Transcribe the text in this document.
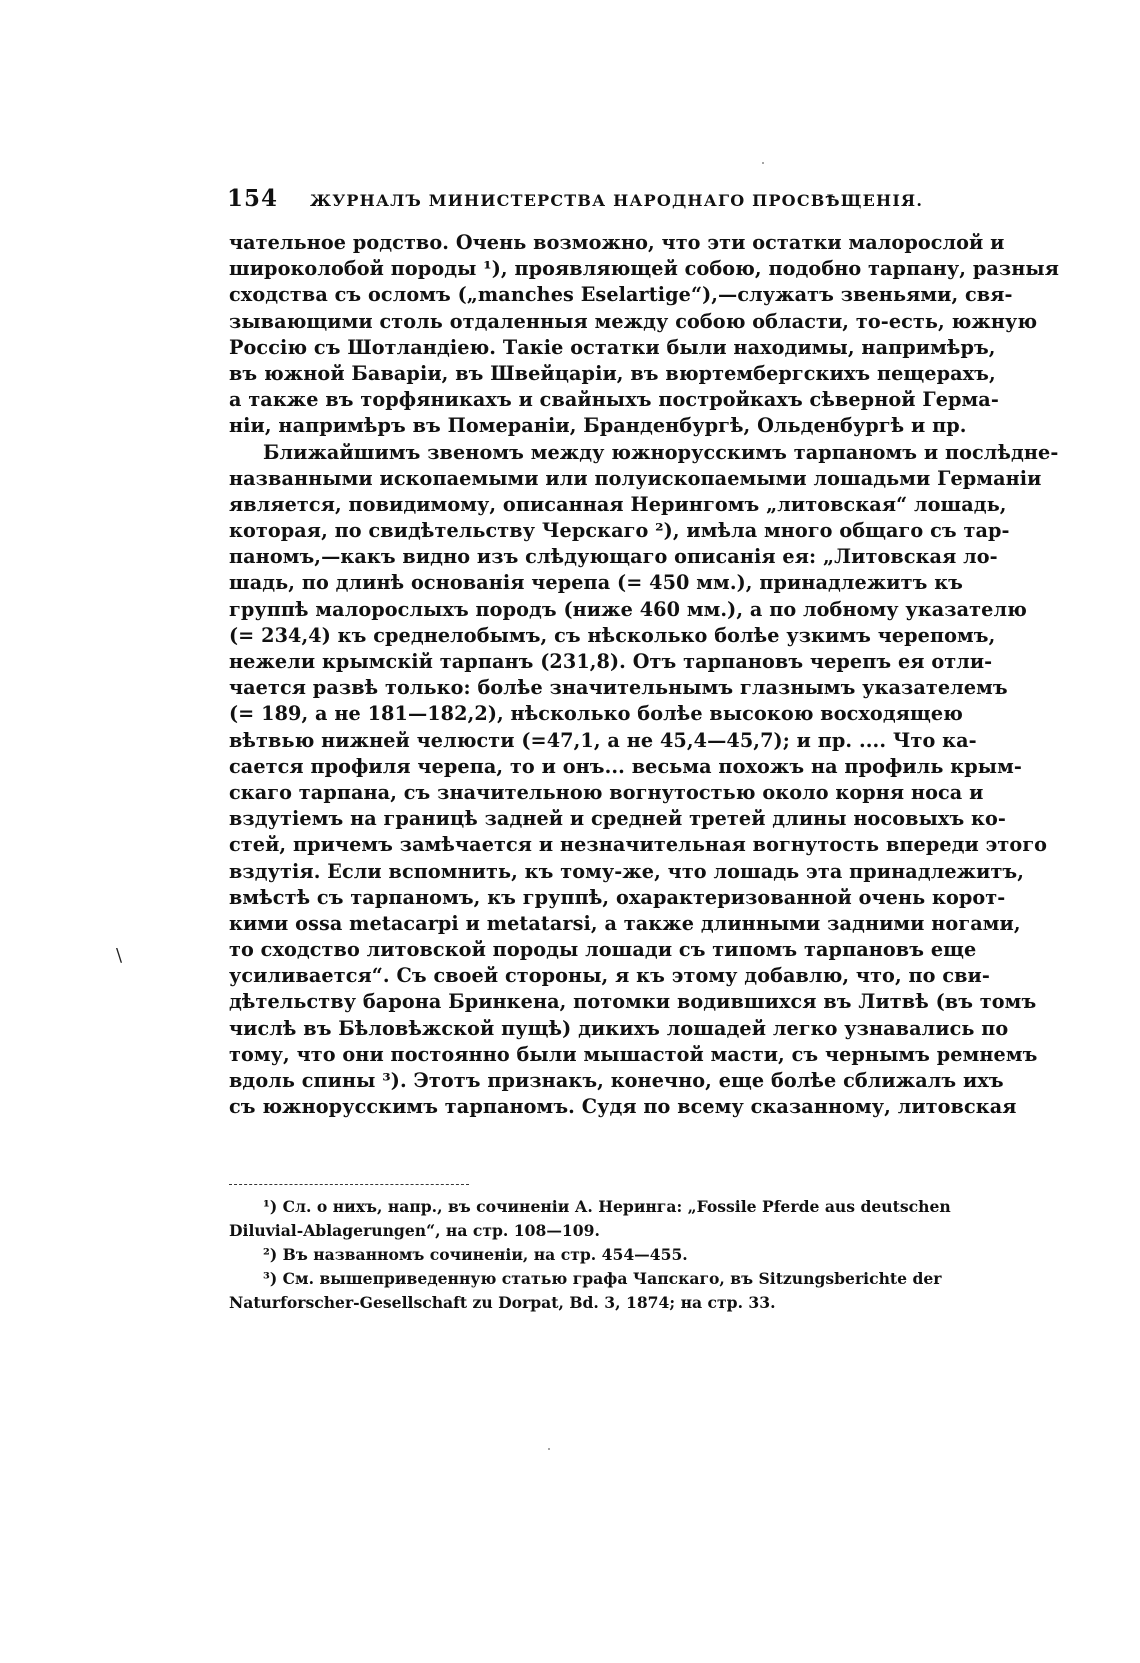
154 ЖУРНАЛЪ МИНИСТЕРСТВА НАРОДНАГО ПРОСВѢЩЕНІЯ.
чательное родство. Очень возможно, что эти остатки малорослой и
широколобой породы ¹), проявляющей собою, подобно тарпану, разныя
сходства съ осломъ („manches Eselartige“),—служатъ звеньями, свя-
зывающими столь отдаленныя между собою области, то-есть, южную
Россію съ Шотландіею. Такіе остатки были находимы, напримѣръ,
въ южной Баваріи, въ Швейцаріи, въ вюртембергскихъ пещерахъ,
а также въ торфяникахъ и свайныхъ постройкахъ сѣверной Герма-
ніи, напримѣръ въ Помераніи, Бранденбургѣ, Ольденбургѣ и пр.
Ближайшимъ звеномъ между южнорусскимъ тарпаномъ и послѣдне-
названными ископаемыми или полуископаемыми лошадьми Германіи
является, повидимому, описанная Нерингомъ „литовская“ лошадь,
которая, по свидѣтельству Черскаго ²), имѣла много общаго съ тар-
паномъ,—какъ видно изъ слѣдующаго описанія ея: „Литовская ло-
шадь, по длинѣ основанія черепа (= 450 мм.), принадлежитъ къ
группѣ малорослыхъ породъ (ниже 460 мм.), а по лобному указателю
(= 234,4) къ среднелобымъ, съ нѣсколько болѣе узкимъ черепомъ,
нежели крымскій тарпанъ (231,8). Отъ тарпановъ черепъ ея отли-
чается развѣ только: болѣе значительнымъ глазнымъ указателемъ
(= 189, а не 181—182,2), нѣсколько болѣе высокою восходящею
вѣтвью нижней челюсти (=47,1, а не 45,4—45,7); и пр. .... Что ка-
сается профиля черепа, то и онъ... весьма похожъ на профиль крым-
скаго тарпана, съ значительною вогнутостью около корня носа и
вздутіемъ на границѣ задней и средней третей длины носовыхъ ко-
стей, причемъ замѣчается и незначительная вогнутость впереди этого
вздутія. Если вспомнить, къ тому-же, что лошадь эта принадлежитъ,
вмѣстѣ съ тарпаномъ, къ группѣ, охарактеризованной очень корот-
кими ossa metacarpi и metatarsi, а также длинными задними ногами,
то сходство литовской породы лошади съ типомъ тарпановъ еще
усиливается“. Съ своей стороны, я къ этому добавлю, что, по сви-
дѣтельству барона Бринкена, потомки водившихся въ Литвѣ (въ томъ
числѣ въ Бѣловѣжской пущѣ) дикихъ лошадей легко узнавались по
тому, что они постоянно были мышастой масти, съ чернымъ ремнемъ
вдоль спины ³). Этотъ признакъ, конечно, еще болѣе сближалъ ихъ
съ южнорусскимъ тарпаномъ. Судя по всему сказанному, литовская
¹) Сл. о нихъ, напр., въ сочиненіи А. Неринга: „Fossile Pferde aus deutschen
Diluvial-Ablagerungen“, на стр. 108—109.
²) Въ названномъ сочиненіи, на стр. 454—455.
³) См. вышеприведенную статью графа Чапскаго, въ Sitzungsberichte der
Naturforscher-Gesellschaft zu Dorpat, Bd. 3, 1874; на стр. 33.
\
